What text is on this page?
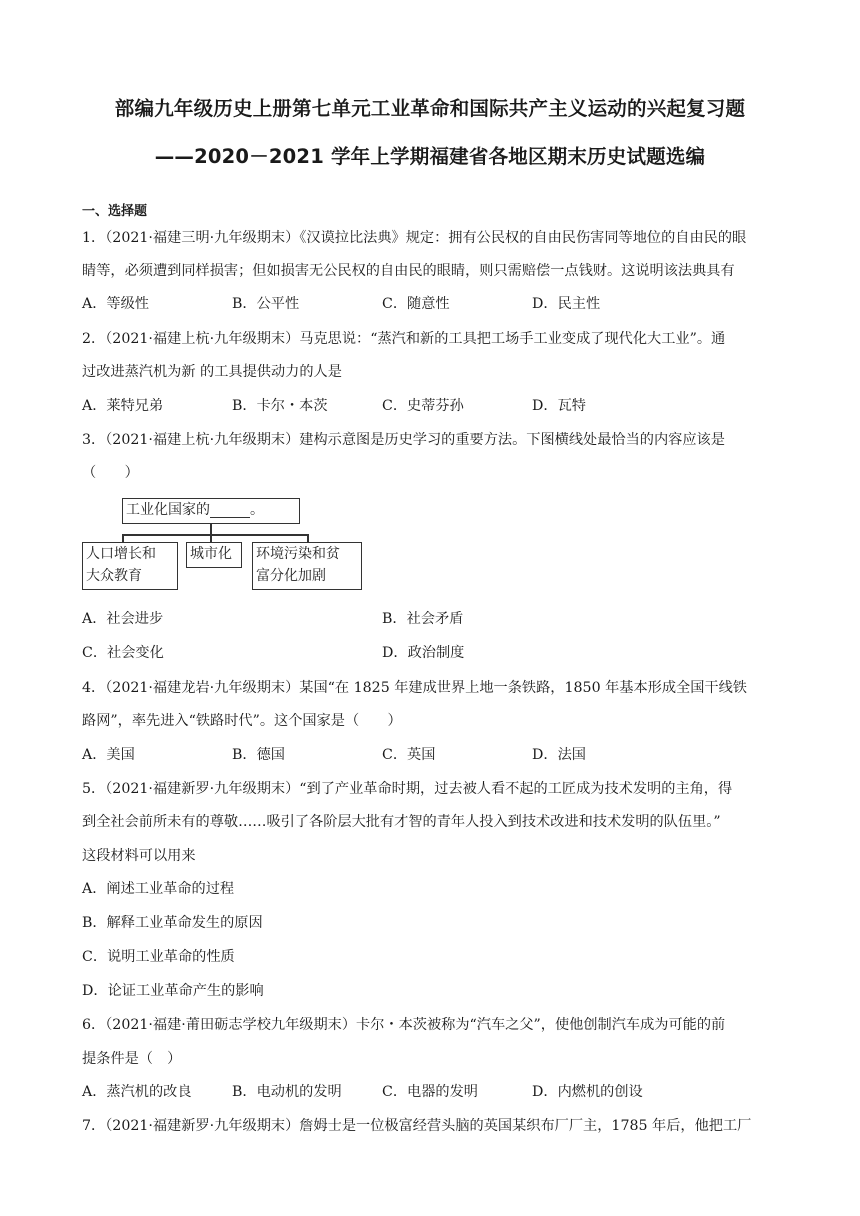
部编九年级历史上册第七单元工业革命和国际共产主义运动的兴起复习题
——2020－2021 学年上学期福建省各地区期末历史试题选编
一、选择题
1．（2021·福建三明·九年级期末）《汉谟拉比法典》规定：拥有公民权的自由民伤害同等地位的自由民的眼
睛等，必须遭到同样损害；但如损害无公民权的自由民的眼睛，则只需赔偿一点钱财。这说明该法典具有
A．等级性	B．公平性	C．随意性	D．民主性
2．（2021·福建上杭·九年级期末）马克思说：“蒸汽和新的工具把工场手工业变成了现代化大工业”。通
过改进蒸汽机为新 的工具提供动力的人是
A．莱特兄弟	B．卡尔・本茨	C．史蒂芬孙	D．瓦特
3．（2021·福建上杭·九年级期末）建构示意图是历史学习的重要方法。下图横线处最恰当的内容应该是
（　　）
工业化国家的	。
人口增长和
大众教育
城市化	环境污染和贫
富分化加剧
A．社会进步	B．社会矛盾
C．社会变化	D．政治制度
4．（2021·福建龙岩·九年级期末）某国“在 1825 年建成世界上地一条铁路，1850 年基本形成全国干线铁
路网”，率先进入“铁路时代”。这个国家是（　　）
A．美国	B．德国	C．英国	D．法国
5．（2021·福建新罗·九年级期末）“到了产业革命时期，过去被人看不起的工匠成为技术发明的主角，得
到全社会前所未有的尊敬……吸引了各阶层大批有才智的青年人投入到技术改进和技术发明的队伍里。”
这段材料可以用来
A．阐述工业革命的过程
B．解释工业革命发生的原因
C．说明工业革命的性质
D．论证工业革命产生的影响
6．（2021·福建·莆田砺志学校九年级期末）卡尔・本茨被称为“汽车之父”，使他创制汽车成为可能的前
提条件是（　）
A．蒸汽机的改良	B．电动机的发明	C．电器的发明	D．内燃机的创设
7．（2021·福建新罗·九年级期末）詹姆士是一位极富经营头脑的英国某织布厂厂主，1785 年后，他把工厂
